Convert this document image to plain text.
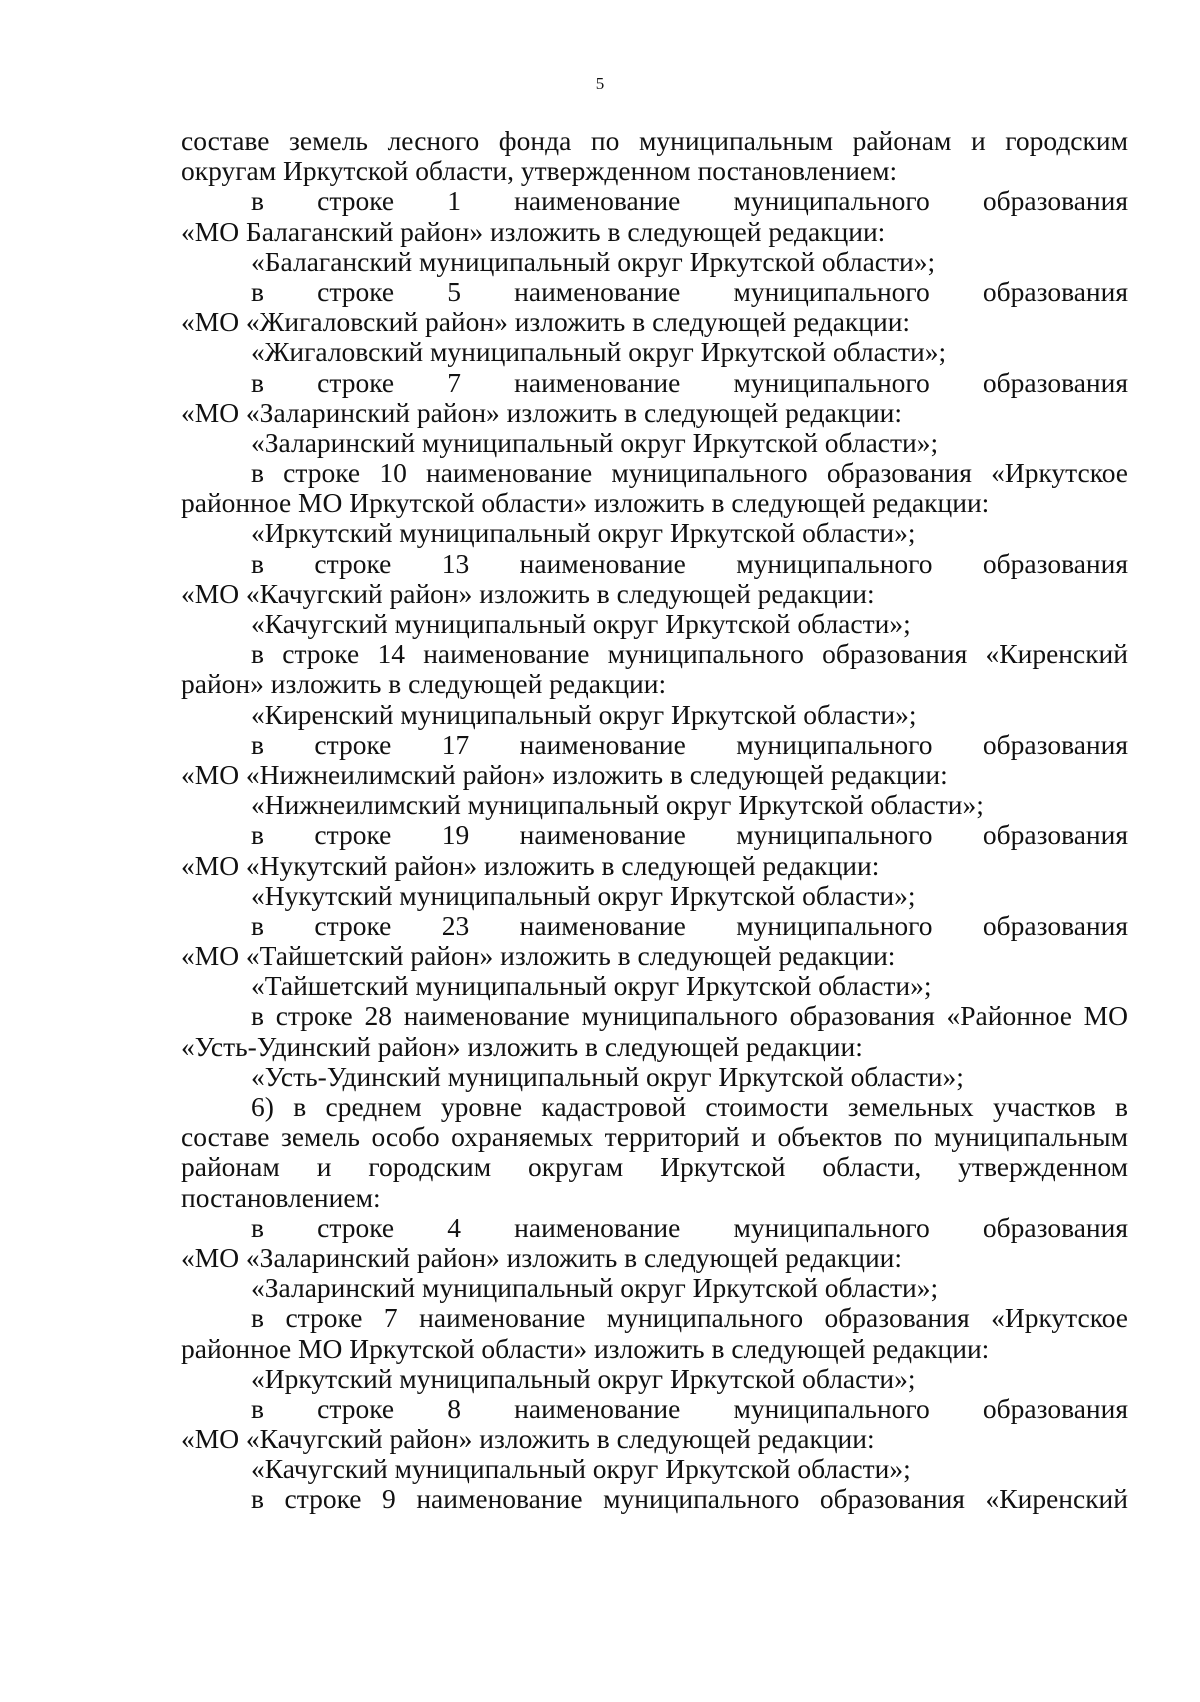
5
составе земель лесного фонда по муниципальным районам и городским
округам Иркутской области, утвержденном постановлением:
в строке 1 наименование муниципального образования
«МО Балаганский район» изложить в следующей редакции:
«Балаганский муниципальный округ Иркутской области»;
в строке 5 наименование муниципального образования
«МО «Жигаловский район» изложить в следующей редакции:
«Жигаловский муниципальный округ Иркутской области»;
в строке 7 наименование муниципального образования
«МО «Заларинский район» изложить в следующей редакции:
«Заларинский муниципальный округ Иркутской области»;
в строке 10 наименование муниципального образования «Иркутское
районное МО Иркутской области» изложить в следующей редакции:
«Иркутский муниципальный округ Иркутской области»;
в строке 13 наименование муниципального образования
«МО «Качугский район» изложить в следующей редакции:
«Качугский муниципальный округ Иркутской области»;
в строке 14 наименование муниципального образования «Киренский
район» изложить в следующей редакции:
«Киренский муниципальный округ Иркутской области»;
в строке 17 наименование муниципального образования
«МО «Нижнеилимский район» изложить в следующей редакции:
«Нижнеилимский муниципальный округ Иркутской области»;
в строке 19 наименование муниципального образования
«МО «Нукутский район» изложить в следующей редакции:
«Нукутский муниципальный округ Иркутской области»;
в строке 23 наименование муниципального образования
«МО «Тайшетский район» изложить в следующей редакции:
«Тайшетский муниципальный округ Иркутской области»;
в строке 28 наименование муниципального образования «Районное МО
«Усть-Удинский район» изложить в следующей редакции:
«Усть-Удинский муниципальный округ Иркутской области»;
6) в среднем уровне кадастровой стоимости земельных участков в
составе земель особо охраняемых территорий и объектов по муниципальным
районам и городским округам Иркутской области, утвержденном
постановлением:
в строке 4 наименование муниципального образования
«МО «Заларинский район» изложить в следующей редакции:
«Заларинский муниципальный округ Иркутской области»;
в строке 7 наименование муниципального образования «Иркутское
районное МО Иркутской области» изложить в следующей редакции:
«Иркутский муниципальный округ Иркутской области»;
в строке 8 наименование муниципального образования
«МО «Качугский район» изложить в следующей редакции:
«Качугский муниципальный округ Иркутской области»;
в строке 9 наименование муниципального образования «Киренский
